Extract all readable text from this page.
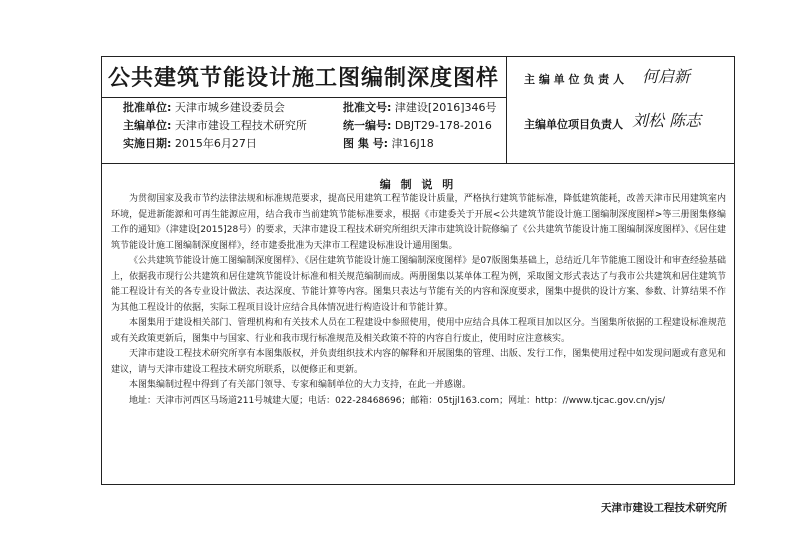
公共建筑节能设计施工图编制深度图样
批准单位: 天津市城乡建设委员会
主编单位: 天津市建设工程技术研究所
实施日期: 2015年6月27日
批准文号: 津建设[2016]346号
统一编号: DBJT29-178-2016
图 集 号: 津16J18
主 编 单 位 负 责 人 何启新
主编单位项目负责人 刘松 陈志
编 制 说 明

为贯彻国家及我市节约法律法规和标准规范要求，提高民用建筑工程节能设计质量，严格执行建筑节能标准，降低建筑能耗，改善天津市民用建筑室内环境，促进新能源和可再生能源应用，结合我市当前建筑节能标准要求，根据《市建委关于开展<公共建筑节能设计施工图编制深度图样>等三册图集修编工作的通知》（津建设[2015]28号）的要求，天津市建设工程技术研究所组织天津市建筑设计院修编了《公共建筑节能设计施工图编制深度图样》、《居住建筑节能设计施工图编制深度图样》，经市建委批准为天津市工程建设标准设计通用图集。

《公共建筑节能设计施工图编制深度图样》、《居住建筑节能设计施工图编制深度图样》是07版图集基础上，总结近几年节能施工图设计和审查经验基础上，依据我市现行公共建筑和居住建筑节能设计标准和相关规范编制而成。两册图集以某单体工程为例，采取图文形式表达了与我市公共建筑和居住建筑节能工程设计有关的各专业设计做法、表达深度、节能计算等内容。图集只表达与节能有关的内容和深度要求，图集中提供的设计方案、参数、计算结果不作为其他工程设计的依据，实际工程项目设计应结合具体情况进行构造设计和节能计算。

本图集用于建设相关部门、管理机构和有关技术人员在工程建设中参照使用，使用中应结合具体工程项目加以区分。当图集所依据的工程建设标准规范或有关政策更新后，图集中与国家、行业和我市现行标准规范及相关政策不符的内容自行废止，使用时应注意核实。

天津市建设工程技术研究所享有本图集版权，并负责组织技术内容的解释和开展图集的管理、出版、发行工作，图集使用过程中如发现问题或有意见和建议，请与天津市建设工程技术研究所联系，以便修正和更新。

本图集编制过程中得到了有关部门领导、专家和编制单位的大力支持，在此一并感谢。

地址：天津市河西区马场道211号城建大厦；电话：022-28468696；邮箱：05tjjl163.com；网址：http：//www.tjcac.gov.cn/yjs/

天津市建设工程技术研究所
